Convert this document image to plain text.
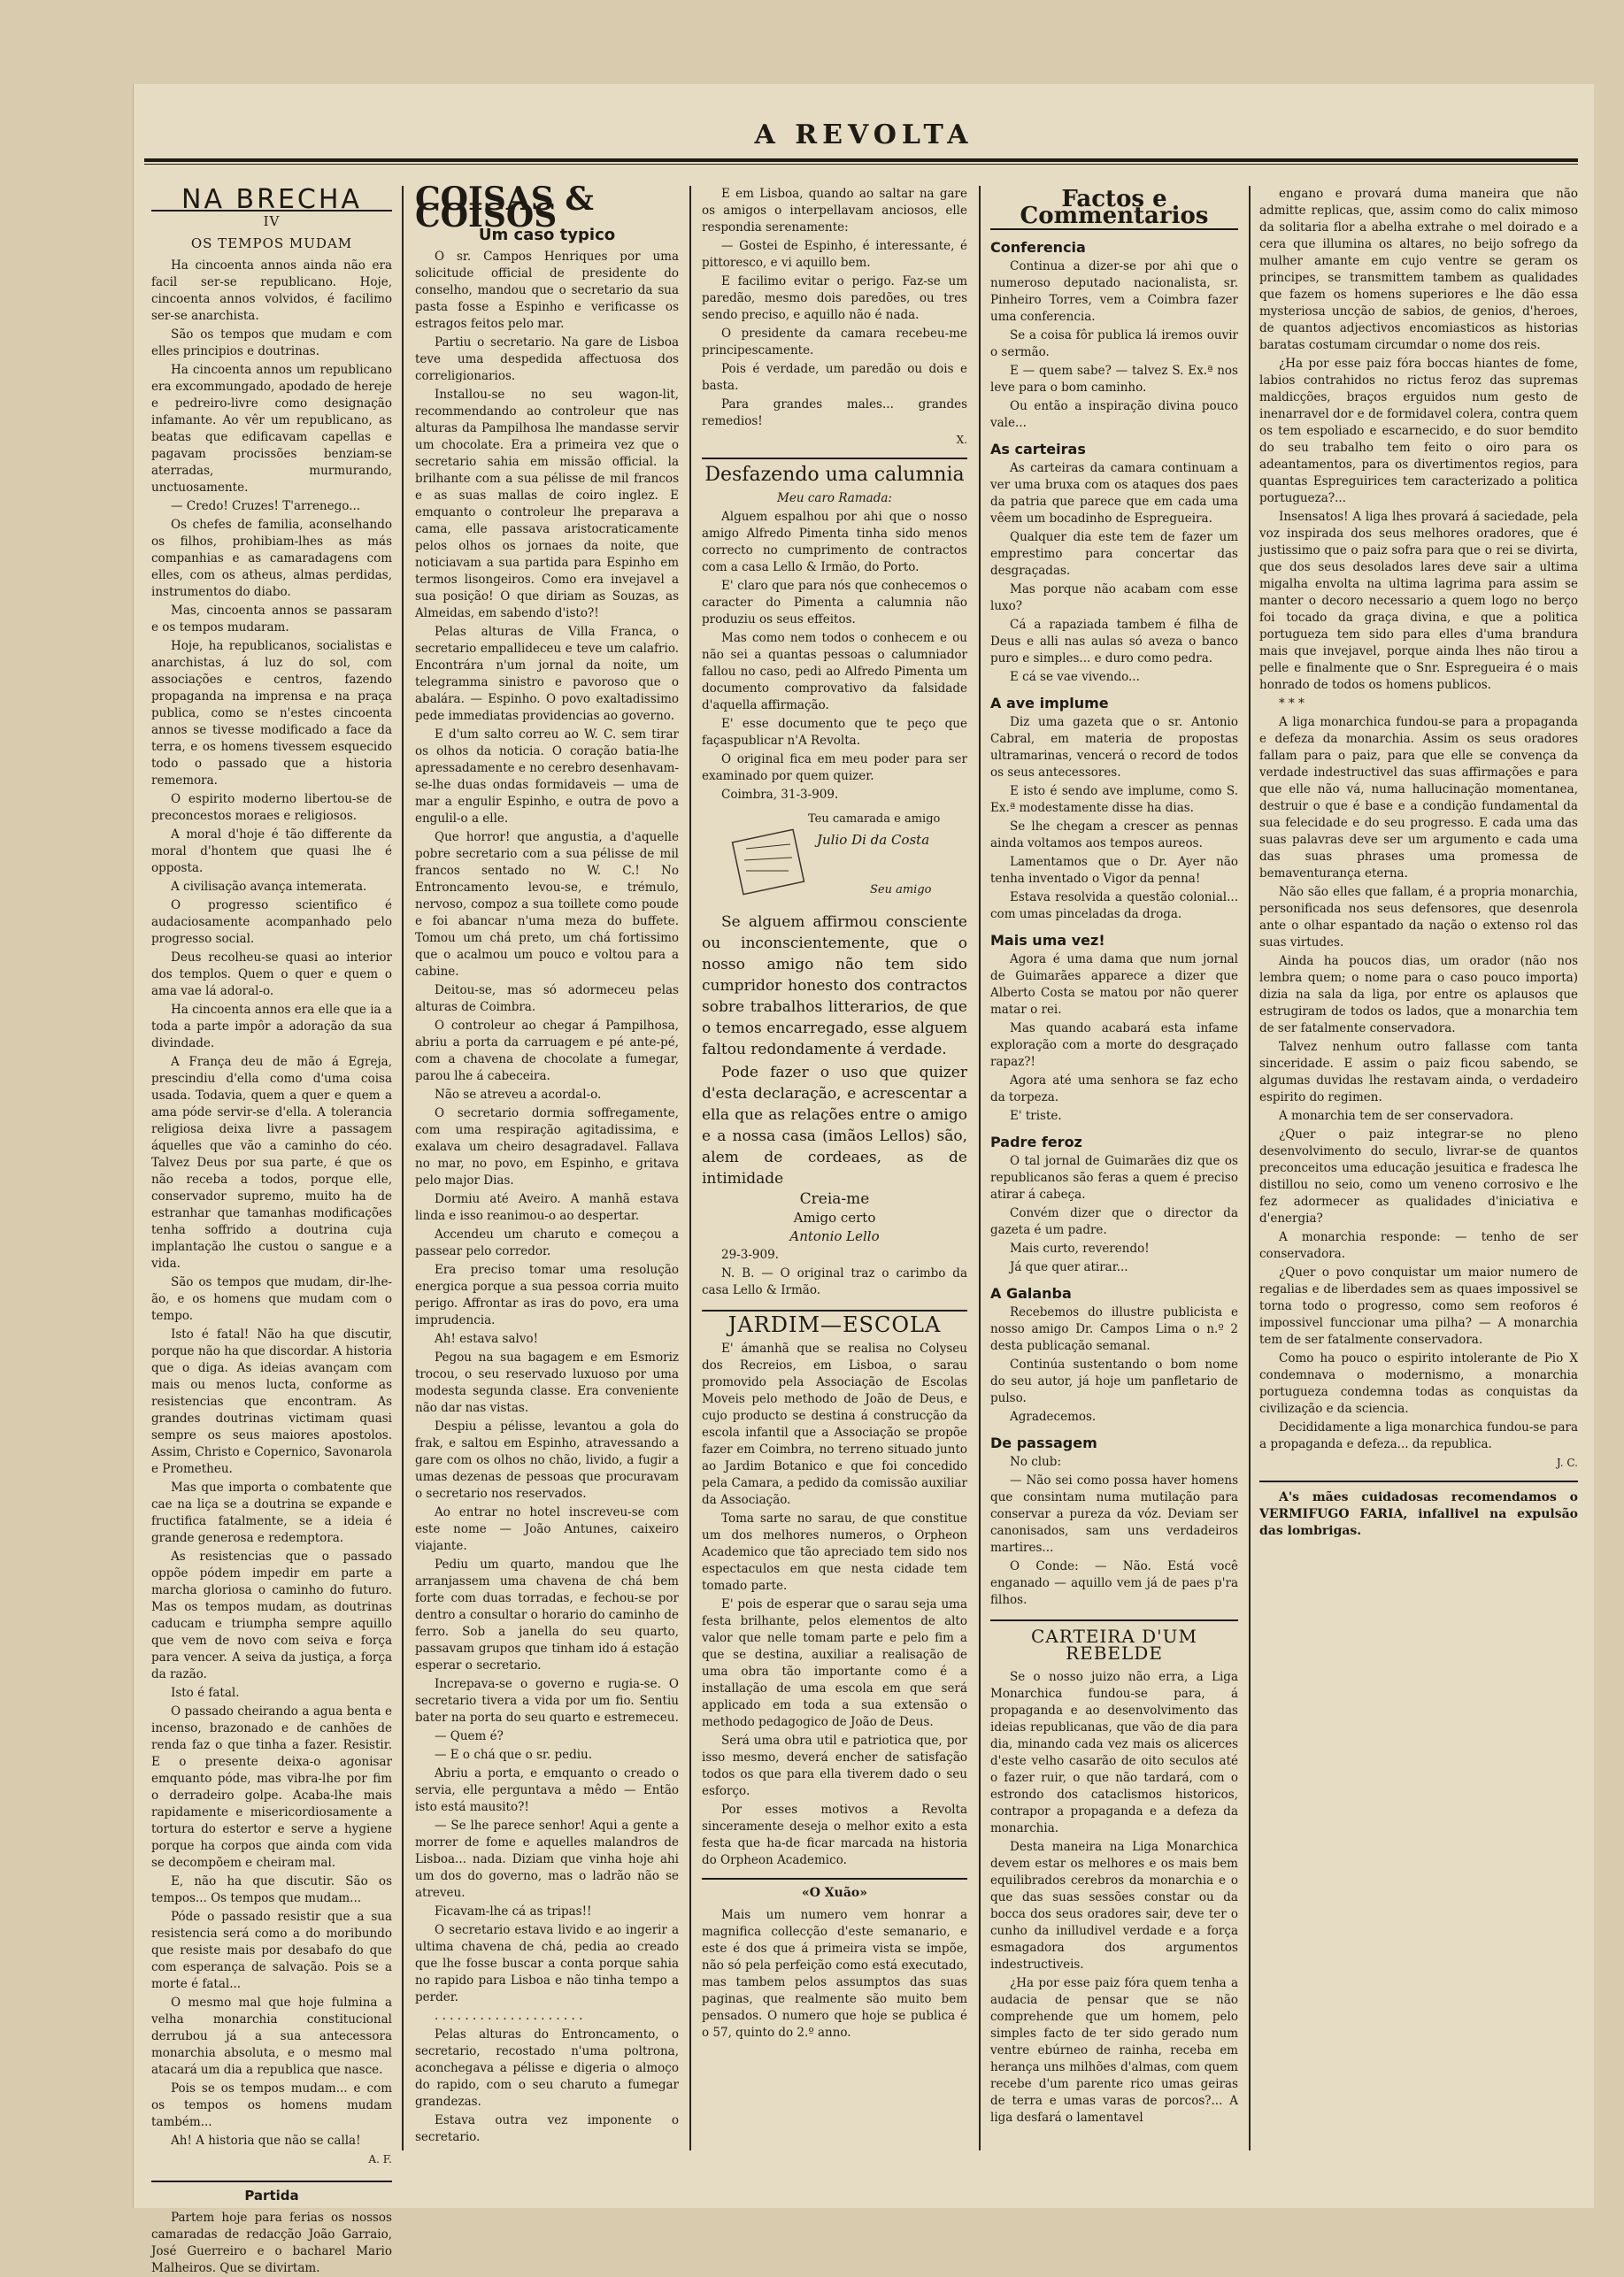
A REVOLTA
NA BRECHA
IV
OS TEMPOS MUDAM

Ha cincoenta annos ainda não era facil ser-se republicano. Hoje, cincoenta annos volvidos, é facilimo ser-se anarchista.

São os tempos que mudam e com elles principios e doutrinas.

Ha cincoenta annos um republicano era excommungado, apodado de hereje e pedreiro-livre como designação infamante. Ao vêr um republicano, as beatas que edificavam capellas e pagavam procissões benziam-se aterradas, murmurando, unctuosamente.

— Credo! Cruzes! T'arrenego...

Os chefes de familia, aconselhando os filhos, prohibiam-lhes as más companhias e as camaradagens com elles, com os atheus, almas perdidas, instrumentos do diabo.

Mas, cincoenta annos se passaram e os tempos mudaram.

Hoje, ha republicanos, socialistas e anarchistas, á luz do sol, com associações e centros, fazendo propaganda na imprensa e na praça publica, como se n'estes cincoenta annos se tivesse modificado a face da terra, e os homens tivessem esquecido todo o passado que a historia rememora.

O espirito moderno libertou-se de preconcestos moraes e religiosos.

A moral d'hoje é tão differente da moral d'hontem que quasi lhe é opposta.

A civilisação avança intemerata.

O progresso scientifico é audaciosamente acompanhado pelo progresso social.

Deus recolheu-se quasi ao interior dos templos. Quem o quer e quem o ama vae lá adoral-o.

Ha cincoenta annos era elle que ia a toda a parte impôr a adoração da sua divindade.

A França deu de mão á Egreja, prescindiu d'ella como d'uma coisa usada. Todavia, quem a quer e quem a ama póde servir-se d'ella. A tolerancia religiosa deixa livre a passagem áquelles que vão a caminho do céo. Talvez Deus por sua parte, é que os não receba a todos, porque elle, conservador supremo, muito ha de estranhar que tamanhas modificações tenha soffrido a doutrina cuja implantação lhe custou o sangue e a vida.

São os tempos que mudam, dir-lhe-ão, e os homens que mudam com o tempo.

Isto é fatal! Não ha que discutir, porque não ha que discordar. A historia que o diga. As ideias avançam com mais ou menos lucta, conforme as resistencias que encontram. As grandes doutrinas victimam quasi sempre os seus maiores apostolos. Assim, Christo e Copernico, Savonarola e Prometheu.

Mas que importa o combatente que cae na liça se a doutrina se expande e fructifica fatalmente, se a ideia é grande generosa e redemptora.

As resistencias que o passado oppõe pódem impedir em parte a marcha gloriosa o caminho do futuro. Mas os tempos mudam, as doutrinas caducam e triumpha sempre aquillo que vem de novo com seiva e força para vencer. A seiva da justiça, a força da razão.

Isto é fatal.

O passado cheirando a agua benta e incenso, brazonado e de canhões de renda faz o que tinha a fazer. Resistir. E o presente deixa-o agonisar emquanto póde, mas vibra-lhe por fim o derradeiro golpe. Acaba-lhe mais rapidamente e misericordiosamente a tortura do estertor e serve a hygiene porque ha corpos que ainda com vida se decompõem e cheiram mal.

E, não ha que discutir. São os tempos... Os tempos que mudam...

Póde o passado resistir que a sua resistencia será como a do moribundo que resiste mais por desabafo do que com esperança de salvação. Pois se a morte é fatal...

O mesmo mal que hoje fulmina a velha monarchia constitucional derrubou já a sua antecessora monarchia absoluta, e o mesmo mal atacará um dia a republica que nasce.

Pois se os tempos mudam... e com os tempos os homens mudam também...

Ah! A historia que não se calla!

A. F.

Partida

Partem hoje para ferias os nossos camaradas de redacção João Garraio, José Guerreiro e o bacharel Mario Malheiros. Que se divirtam.

COISAS & COISOS
Um caso typico

O sr. Campos Henriques por uma solicitude official de presidente do conselho, mandou que o secretario da sua pasta fosse a Espinho e verificasse os estragos feitos pelo mar.

Partiu o secretario. Na gare de Lisboa teve uma despedida affectuosa dos correligionarios.

Installou-se no seu wagon-lit, recommendando ao controleur que nas alturas da Pampilhosa lhe mandasse servir um chocolate. Era a primeira vez que o secretario sahia em missão official. la brilhante com a sua pélisse de mil francos e as suas mallas de coiro inglez. E emquanto o controleur lhe preparava a cama, elle passava aristocraticamente pelos olhos os jornaes da noite, que noticiavam a sua partida para Espinho em termos lisongeiros. Como era invejavel a sua posição! O que diriam as Souzas, as Almeidas, em sabendo d'isto?!

Pelas alturas de Villa Franca, o secretario empallideceu e teve um calafrio. Encontrára n'um jornal da noite, um telegramma sinistro e pavoroso que o abalára. — Espinho. O povo exaltadissimo pede immediatas providencias ao governo.

E d'um salto correu ao W. C. sem tirar os olhos da noticia. O coração batia-lhe apressadamente e no cerebro desenhavam-se-lhe duas ondas formidaveis — uma de mar a engulir Espinho, e outra de povo a engulil-o a elle.

Que horror! que angustia, a d'aquelle pobre secretario com a sua pélisse de mil francos sentado no W. C.! No Entroncamento levou-se, e trémulo, nervoso, compoz a sua toillete como poude e foi abancar n'uma meza do buffete. Tomou um chá preto, um chá fortissimo que o acalmou um pouco e voltou para a cabine.

Deitou-se, mas só adormeceu pelas alturas de Coimbra.

O controleur ao chegar á Pampilhosa, abriu a porta da carruagem e pé ante-pé, com a chavena de chocolate a fumegar, parou lhe á cabeceira.

Não se atreveu a acordal-o.

O secretario dormia soffregamente, com uma respiração agitadissima, e exalava um cheiro desagradavel. Fallava no mar, no povo, em Espinho, e gritava pelo major Dias.

Dormiu até Aveiro. A manhã estava linda e isso reanimou-o ao despertar.

Accendeu um charuto e começou a passear pelo corredor.

Era preciso tomar uma resolução energica porque a sua pessoa corria muito perigo. Affrontar as iras do povo, era uma imprudencia.

Ah! estava salvo!

Pegou na sua bagagem e em Esmoriz trocou, o seu reservado luxuoso por uma modesta segunda classe. Era conveniente não dar nas vistas.

Despiu a pélisse, levantou a gola do frak, e saltou em Espinho, atravessando a gare com os olhos no chão, livido, a fugir a umas dezenas de pessoas que procuravam o secretario nos reservados.

Ao entrar no hotel inscreveu-se com este nome — João Antunes, caixeiro viajante.

Pediu um quarto, mandou que lhe arranjassem uma chavena de chá bem forte com duas torradas, e fechou-se por dentro a consultar o horario do caminho de ferro. Sob a janella do seu quarto, passavam grupos que tinham ido á estação esperar o secretario.

Increpava-se o governo e rugia-se. O secretario tivera a vida por um fio. Sentiu bater na porta do seu quarto e estremeceu.

— Quem é?

— E o chá que o sr. pediu.

Abriu a porta, e emquanto o creado o servia, elle perguntava a mêdo — Então isto está mausito?!

— Se lhe parece senhor! Aqui a gente a morrer de fome e aquelles malandros de Lisboa... nada. Diziam que vinha hoje ahi um dos do governo, mas o ladrão não se atreveu.

Ficavam-lhe cá as tripas!!

O secretario estava livido e ao ingerir a ultima chavena de chá, pedia ao creado que lhe fosse buscar a conta porque sahia no rapido para Lisboa e não tinha tempo a perder.

. . . . . . . . . . . . . . . . . . . .

Pelas alturas do Entroncamento, o secretario, recostado n'uma poltrona, aconchegava a pélisse e digeria o almoço do rapido, com o seu charuto a fumegar grandezas.

Estava outra vez imponente o secretario.

E em Lisboa, quando ao saltar na gare os amigos o interpellavam anciosos, elle respondia serenamente:

— Gostei de Espinho, é interessante, é pittoresco, e vi aquillo bem.

E facilimo evitar o perigo. Faz-se um paredão, mesmo dois paredões, ou tres sendo preciso, e aquillo não é nada.

O presidente da camara recebeu-me principescamente.

Pois é verdade, um paredão ou dois e basta.

Para grandes males... grandes remedios!

X.

Desfazendo uma calumnia

Meu caro Ramada:

Alguem espalhou por ahi que o nosso amigo Alfredo Pimenta tinha sido menos correcto no cumprimento de contractos com a casa Lello & Irmão, do Porto.

E' claro que para nós que conhecemos o caracter do Pimenta a calumnia não produziu os seus effeitos.

Mas como nem todos o conhecem e ou não sei a quantas pessoas o calumniador fallou no caso, pedi ao Alfredo Pimenta um documento comprovativo da falsidade d'aquella affirmação.

E' esse documento que te peço que façaspublicar n'A Revolta.

O original fica em meu poder para ser examinado por quem quizer.

Coimbra, 31-3-909.

Teu camarada e amigo
Julio Di da Costa
Seu amigo

Se alguem affirmou consciente ou inconscientemente, que o nosso amigo não tem sido cumpridor honesto dos contractos sobre trabalhos litterarios, de que o temos encarregado, esse alguem faltou redondamente á verdade.

Pode fazer o uso que quizer d'esta declaração, e acrescentar a ella que as relações entre o amigo e a nossa casa (imãos Lellos) são, alem de cordeaes, as de intimidade

Creia-me

Amigo certo

Antonio Lello

29-3-909.

N. B. — O original traz o carimbo da casa Lello & Irmão.

JARDIM—ESCOLA

E' ámanhã que se realisa no Colyseu dos Recreios, em Lisboa, o sarau promovido pela Associação de Escolas Moveis pelo methodo de João de Deus, e cujo producto se destina á construcção da escola infantil que a Associação se propõe fazer em Coimbra, no terreno situado junto ao Jardim Botanico e que foi concedido pela Camara, a pedido da comissão auxiliar da Associação.

Toma sarte no sarau, de que constitue um dos melhores numeros, o Orpheon Academico que tão apreciado tem sido nos espectaculos em que nesta cidade tem tomado parte.

E' pois de esperar que o sarau seja uma festa brilhante, pelos elementos de alto valor que nelle tomam parte e pelo fim a que se destina, auxiliar a realisação de uma obra tão importante como é a installação de uma escola em que será applicado em toda a sua extensão o methodo pedagogico de João de Deus.

Será uma obra util e patriotica que, por isso mesmo, deverá encher de satisfação todos os que para ella tiverem dado o seu esforço.

Por esses motivos a Revolta sinceramente deseja o melhor exito a esta festa que ha-de ficar marcada na historia do Orpheon Academico.

«O Xuão»

Mais um numero vem honrar a magnifica collecção d'este semanario, e este é dos que á primeira vista se impõe, não só pela perfeição como está executado, mas tambem pelos assumptos das suas paginas, que realmente são muito bem pensados. O numero que hoje se publica é o 57, quinto do 2.º anno.

Factos e Commentarios
Conferencia

Continua a dizer-se por ahi que o numeroso deputado nacionalista, sr. Pinheiro Torres, vem a Coimbra fazer uma conferencia.

Se a coisa fôr publica lá iremos ouvir o sermão.

E — quem sabe? — talvez S. Ex.ª nos leve para o bom caminho.

Ou então a inspiração divina pouco vale...

As carteiras

As carteiras da camara continuam a ver uma bruxa com os ataques dos paes da patria que parece que em cada uma vêem um bocadinho de Espregueira.

Qualquer dia este tem de fazer um emprestimo para concertar das desgraçadas.

Mas porque não acabam com esse luxo?

Cá a rapaziada tambem é filha de Deus e alli nas aulas só aveza o banco puro e simples... e duro como pedra.

E cá se vae vivendo...

A ave implume

Diz uma gazeta que o sr. Antonio Cabral, em materia de propostas ultramarinas, vencerá o record de todos os seus antecessores.

E isto é sendo ave implume, como S. Ex.ª modestamente disse ha dias.

Se lhe chegam a crescer as pennas ainda voltamos aos tempos aureos.

Lamentamos que o Dr. Ayer não tenha inventado o Vigor da penna!

Estava resolvida a questão colonial... com umas pinceladas da droga.

Mais uma vez!

Agora é uma dama que num jornal de Guimarães apparece a dizer que Alberto Costa se matou por não querer matar o rei.

Mas quando acabará esta infame exploração com a morte do desgraçado rapaz?!

Agora até uma senhora se faz echo da torpeza.

E' triste.

Padre feroz

O tal jornal de Guimarães diz que os republicanos são feras a quem é preciso atirar á cabeça.

Convém dizer que o director da gazeta é um padre.

Mais curto, reverendo!

Já que quer atirar...

A Galanba

Recebemos do illustre publicista e nosso amigo Dr. Campos Lima o n.º 2 desta publicação semanal.

Continúa sustentando o bom nome do seu autor, já hoje um panfletario de pulso.

Agradecemos.

De passagem

No club:

— Não sei como possa haver homens que consintam numa mutilação para conservar a pureza da vóz. Deviam ser canonisados, sam uns verdadeiros martires...

O Conde: — Não. Está você enganado — aquillo vem já de paes p'ra filhos.

CARTEIRA D'UM REBELDE

Se o nosso juizo não erra, a Liga Monarchica fundou-se para, á propaganda e ao desenvolvimento das ideias republicanas, que vão de dia para dia, minando cada vez mais os alicerces d'este velho casarão de oito seculos até o fazer ruir, o que não tardará, com o estrondo dos cataclismos historicos, contrapor a propaganda e a defeza da monarchia.

Desta maneira na Liga Monarchica devem estar os melhores e os mais bem equilibrados cerebros da monarchia e o que das suas sessões constar ou da bocca dos seus oradores sair, deve ter o cunho da inilludivel verdade e a força esmagadora dos argumentos indestructiveis.

¿Ha por esse paiz fóra quem tenha a audacia de pensar que se não comprehende que um homem, pelo simples facto de ter sido gerado num ventre ebúrneo de rainha, receba em herança uns milhões d'almas, com quem recebe d'um parente rico umas geiras de terra e umas varas de porcos?... A liga desfará o lamentavel

engano e provará duma maneira que não admitte replicas, que, assim como do calix mimoso da solitaria flor a abelha extrahe o mel doirado e a cera que illumina os altares, no beijo sofrego da mulher amante em cujo ventre se geram os principes, se transmittem tambem as qualidades que fazem os homens superiores e lhe dão essa mysteriosa uncção de sabios, de genios, d'heroes, de quantos adjectivos encomiasticos as historias baratas costumam circumdar o nome dos reis.

¿Ha por esse paiz fóra boccas hiantes de fome, labios contrahidos no rictus feroz das supremas maldicções, braços erguidos num gesto de inenarravel dor e de formidavel colera, contra quem os tem espoliado e escarnecido, e do suor bemdito do seu trabalho tem feito o oiro para os adeantamentos, para os divertimentos regios, para quantas Espreguirices tem caracterizado a politica portugueza?...

Insensatos! A liga lhes provará á saciedade, pela voz inspirada dos seus melhores oradores, que é justissimo que o paiz sofra para que o rei se divirta, que dos seus desolados lares deve sair a ultima migalha envolta na ultima lagrima para assim se manter o decoro necessario a quem logo no berço foi tocado da graça divina, e que a politica portugueza tem sido para elles d'uma brandura mais que invejavel, porque ainda lhes não tirou a pelle e finalmente que o Snr. Espregueira é o mais honrado de todos os homens publicos.

* * *

A liga monarchica fundou-se para a propaganda e defeza da monarchia. Assim os seus oradores fallam para o paiz, para que elle se convença da verdade indestructivel das suas affirmações e para que elle não vá, numa hallucinação momentanea, destruir o que é base e a condição fundamental da sua felecidade e do seu progresso. E cada uma das suas palavras deve ser um argumento e cada uma das suas phrases uma promessa de bemaventurança eterna.

Não são elles que fallam, é a propria monarchia, personificada nos seus defensores, que desenrola ante o olhar espantado da nação o extenso rol das suas virtudes.

Ainda ha poucos dias, um orador (não nos lembra quem; o nome para o caso pouco importa) dizia na sala da liga, por entre os aplausos que estrugiram de todos os lados, que a monarchia tem de ser fatalmente conservadora.

Talvez nenhum outro fallasse com tanta sinceridade. E assim o paiz ficou sabendo, se algumas duvidas lhe restavam ainda, o verdadeiro espirito do regimen.

A monarchia tem de ser conservadora.

¿Quer o paiz integrar-se no pleno desenvolvimento do seculo, livrar-se de quantos preconceitos uma educação jesuitica e fradesca lhe distillou no seio, como um veneno corrosivo e lhe fez adormecer as qualidades d'iniciativa e d'energia?

A monarchia responde: — tenho de ser conservadora.

¿Quer o povo conquistar um maior numero de regalias e de liberdades sem as quaes impossivel se torna todo o progresso, como sem reoforos é impossivel funccionar uma pilha? — A monarchia tem de ser fatalmente conservadora.

Como ha pouco o espirito intolerante de Pio X condemnava o modernismo, a monarchia portugueza condemna todas as conquistas da civilização e da sciencia.

Decididamente a liga monarchica fundou-se para a propaganda e defeza... da republica.

J. C.

A's mães cuidadosas recomendamos o VERMIFUGO FARIA, infallivel na expulsão das lombrigas.
